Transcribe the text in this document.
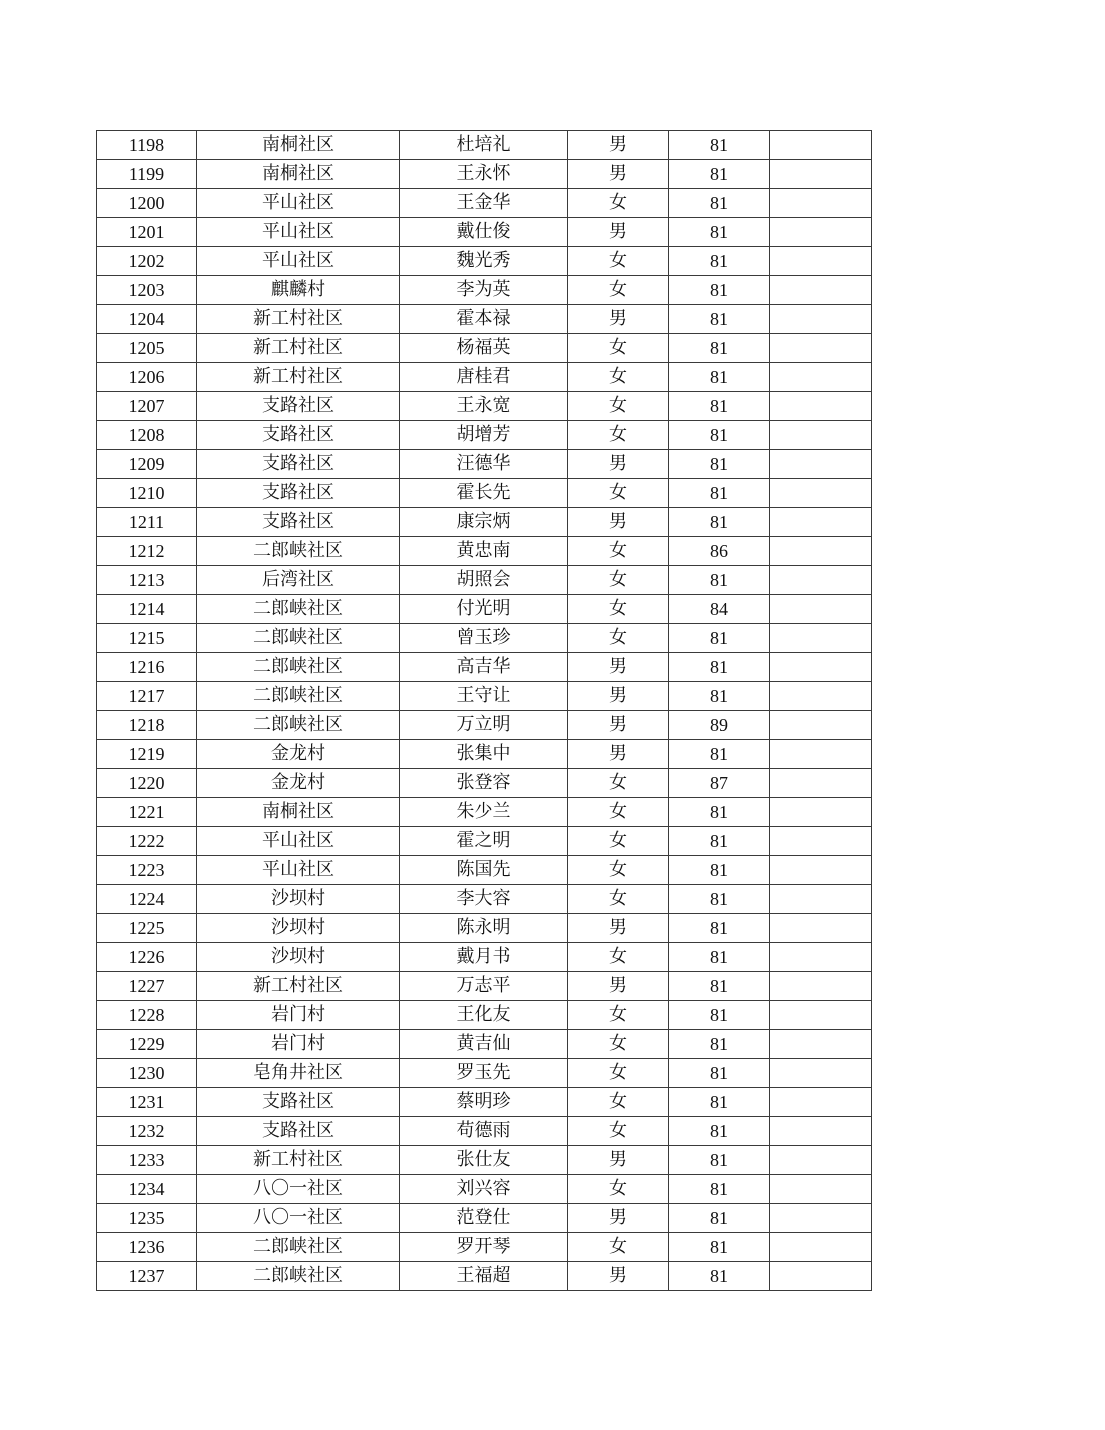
1198	南桐社区	杜培礼	男	81	
1199	南桐社区	王永怀	男	81	
1200	平山社区	王金华	女	81	
1201	平山社区	戴仕俊	男	81	
1202	平山社区	魏光秀	女	81	
1203	麒麟村	李为英	女	81	
1204	新工村社区	霍本禄	男	81	
1205	新工村社区	杨福英	女	81	
1206	新工村社区	唐桂君	女	81	
1207	支路社区	王永宽	女	81	
1208	支路社区	胡增芳	女	81	
1209	支路社区	汪德华	男	81	
1210	支路社区	霍长先	女	81	
1211	支路社区	康宗炳	男	81	
1212	二郎峡社区	黄忠南	女	86	
1213	后湾社区	胡照会	女	81	
1214	二郎峡社区	付光明	女	84	
1215	二郎峡社区	曾玉珍	女	81	
1216	二郎峡社区	高吉华	男	81	
1217	二郎峡社区	王守让	男	81	
1218	二郎峡社区	万立明	男	89	
1219	金龙村	张集中	男	81	
1220	金龙村	张登容	女	87	
1221	南桐社区	朱少兰	女	81	
1222	平山社区	霍之明	女	81	
1223	平山社区	陈国先	女	81	
1224	沙坝村	李大容	女	81	
1225	沙坝村	陈永明	男	81	
1226	沙坝村	戴月书	女	81	
1227	新工村社区	万志平	男	81	
1228	岩门村	王化友	女	81	
1229	岩门村	黄吉仙	女	81	
1230	皂角井社区	罗玉先	女	81	
1231	支路社区	蔡明珍	女	81	
1232	支路社区	苟德雨	女	81	
1233	新工村社区	张仕友	男	81	
1234	八〇一社区	刘兴容	女	81	
1235	八〇一社区	范登仕	男	81	
1236	二郎峡社区	罗开琴	女	81	
1237	二郎峡社区	王福超	男	81	
